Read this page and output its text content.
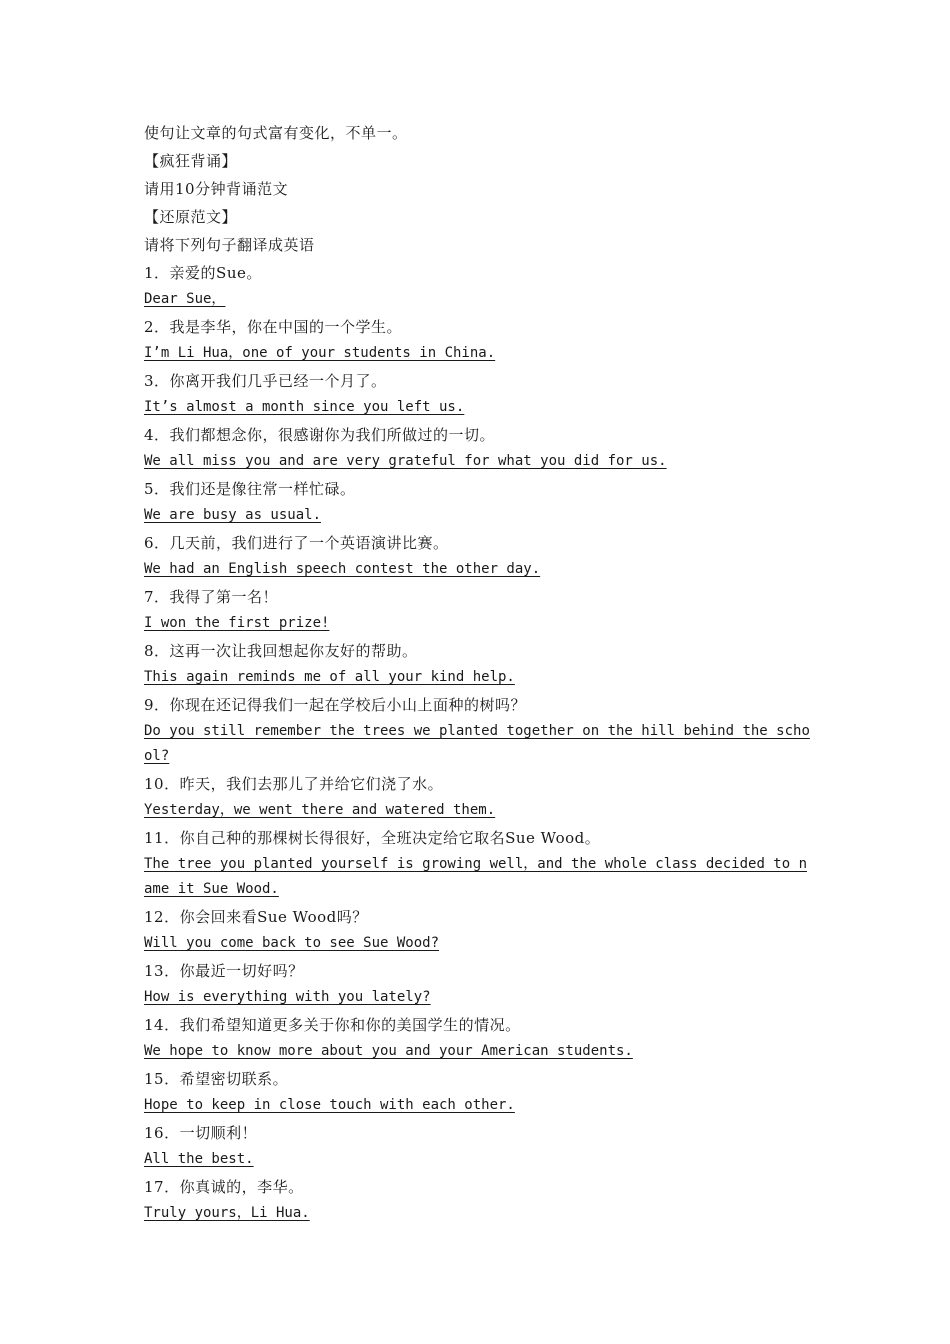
使句让文章的句式富有变化，不单一。
【疯狂背诵】
请用10分钟背诵范文
【还原范文】
请将下列句子翻译成英语
1．亲爱的Sue。
Dear Sue，
2．我是李华，你在中国的一个学生。
I’m Li Hua，one of your students in China.
3．你离开我们几乎已经一个月了。
It’s almost a month since you left us.
4．我们都想念你，很感谢你为我们所做过的一切。
We all miss you and are very grateful for what you did for us.
5．我们还是像往常一样忙碌。
We are busy as usual.
6．几天前，我们进行了一个英语演讲比赛。
We had an English speech contest the other day.
7．我得了第一名！
I won the first prize!
8．这再一次让我回想起你友好的帮助。
This again reminds me of all your kind help.
9．你现在还记得我们一起在学校后小山上面种的树吗？
Do you still remember the trees we planted together on the hill behind the school?
10．昨天，我们去那儿了并给它们浇了水。
Yesterday，we went there and watered them.
11．你自己种的那棵树长得很好，全班决定给它取名Sue Wood。
The tree you planted yourself is growing well，and the whole class decided to name it Sue Wood.
12．你会回来看Sue Wood吗？
Will you come back to see Sue Wood?
13．你最近一切好吗？
How is everything with you lately?
14．我们希望知道更多关于你和你的美国学生的情况。
We hope to know more about you and your American students.
15．希望密切联系。
Hope to keep in close touch with each other.
16．一切顺利！
All the best.
17．你真诚的，李华。
Truly yours，Li Hua.
